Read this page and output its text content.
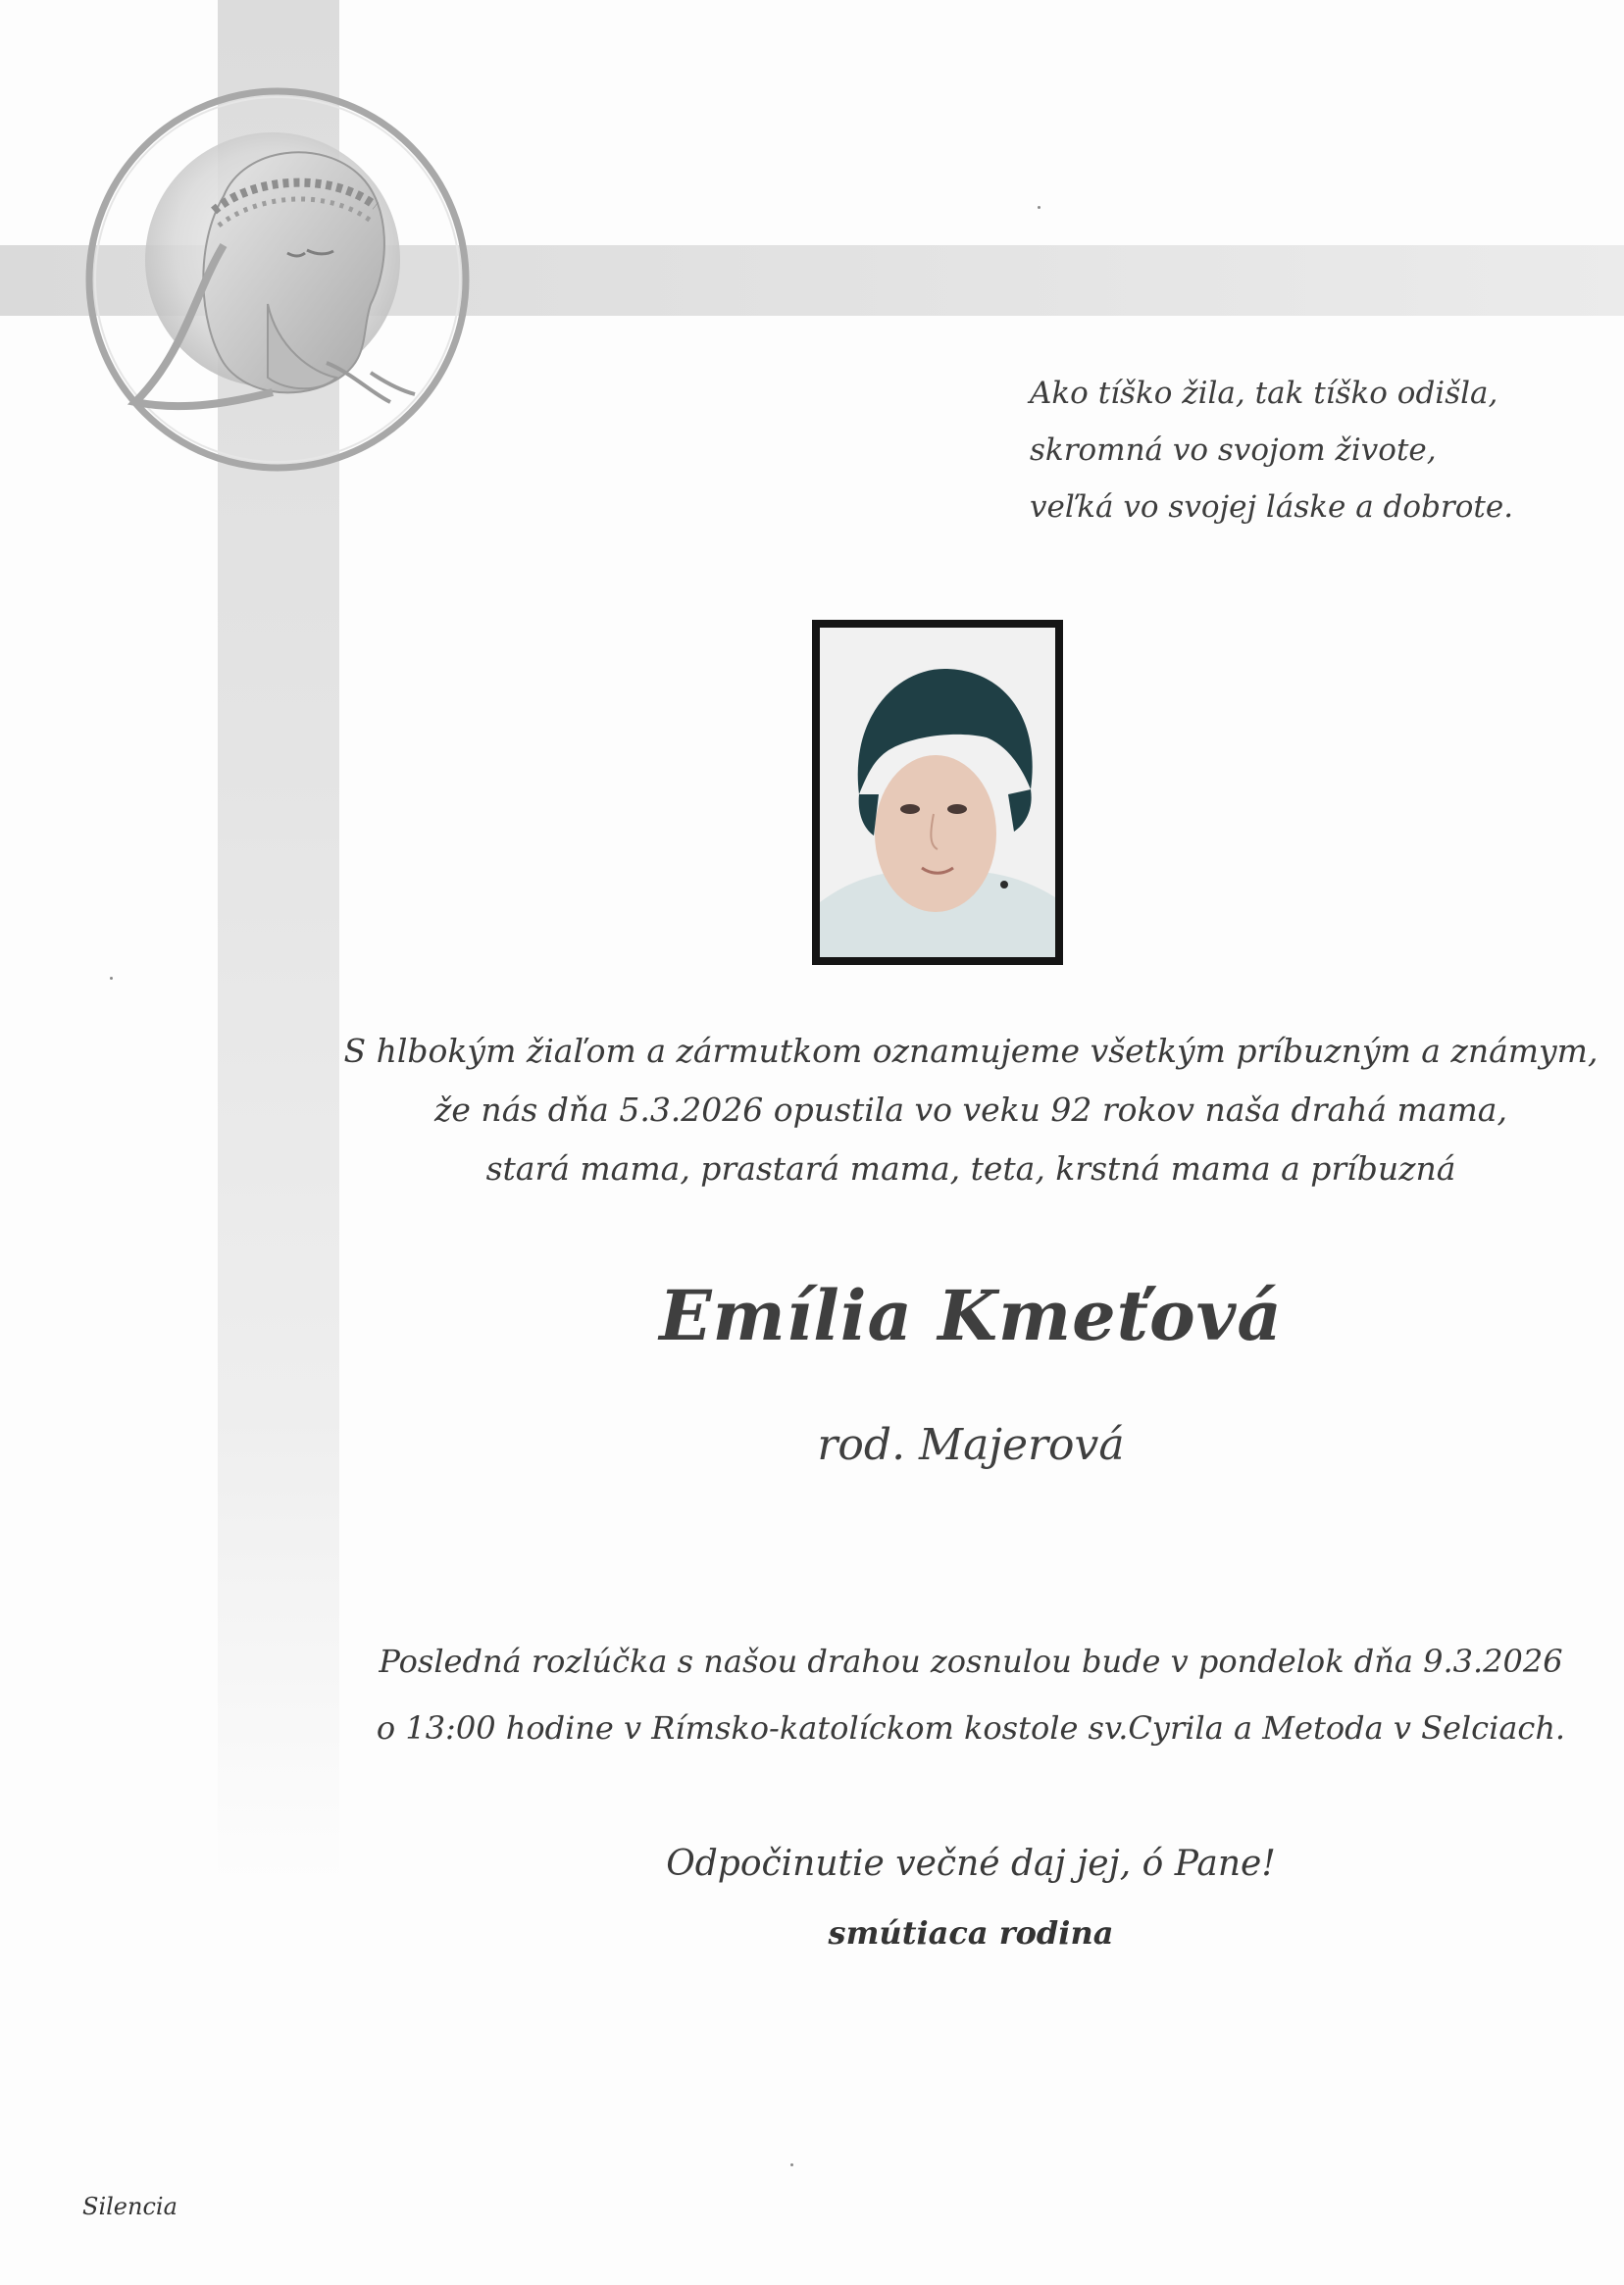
Ako tíško žila, tak tíško odišla,
skromná vo svojom živote,
veľká vo svojej láske a dobrote.
S hlbokým žiaľom a zármutkom oznamujeme všetkým príbuzným a známym,
že nás dňa 5.3.2026 opustila vo veku 92 rokov naša drahá mama,
stará mama, prastará mama, teta, krstná mama a príbuzná
Emília Kmeťová
rod. Majerová
Posledná rozlúčka s našou drahou zosnulou bude v pondelok dňa 9.3.2026
o 13:00 hodine v Rímsko-katolíckom kostole sv.Cyrila a Metoda v Selciach.
Odpočinutie večné daj jej, ó Pane!
smútiaca rodina
Silencia
